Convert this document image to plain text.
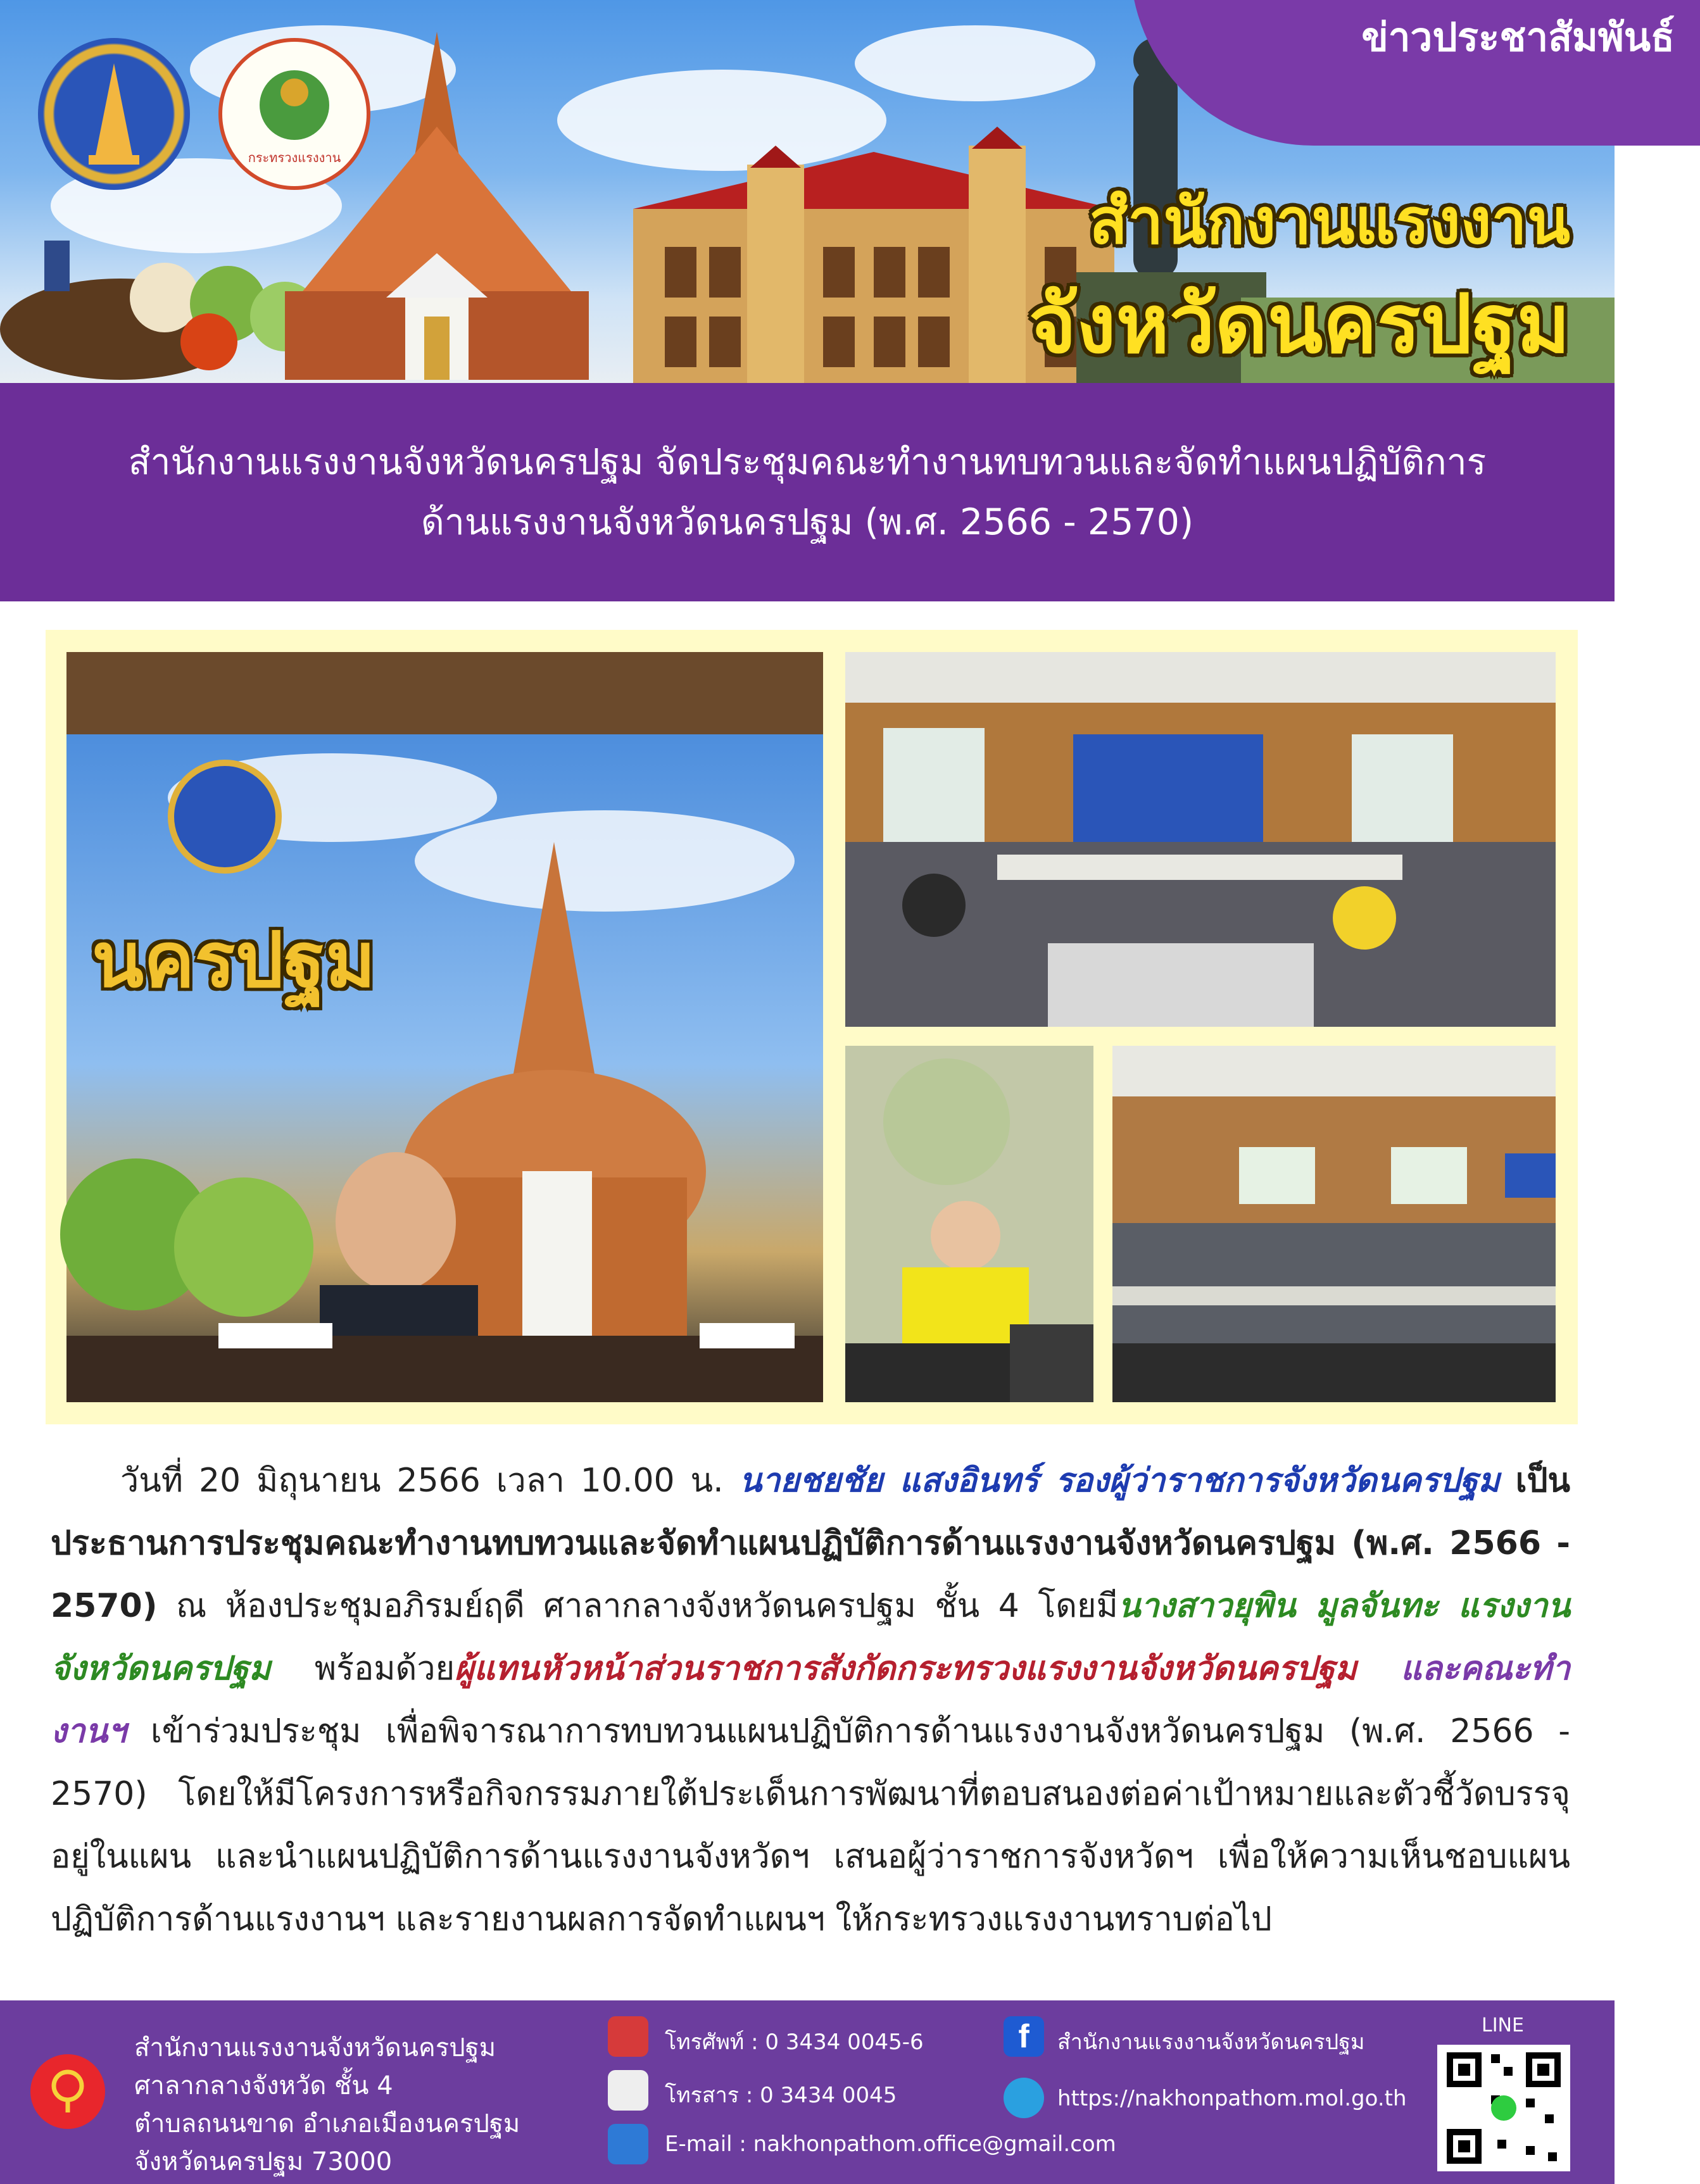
กระทรวงแรงงาน
ข่าวประชาสัมพันธ์
สำนักงานแรงงาน
จังหวัดนครปฐม
สำนักงานแรงงานจังหวัดนครปฐม จัดประชุมคณะทำงานทบทวนและจัดทำแผนปฏิบัติการ
ด้านแรงงานจังหวัดนครปฐม (พ.ศ. 2566 - 2570)
นครปฐม
วันที่ 20 มิถุนายน 2566 เวลา 10.00 น. นายชยชัย แสงอินทร์ รองผู้ว่าราชการจังหวัดนครปฐม เป็นประธานการประชุมคณะทำงานทบทวนและจัดทำแผนปฏิบัติการด้านแรงงานจังหวัดนครปฐม (พ.ศ. 2566 - 2570) ณ ห้องประชุมอภิรมย์ฤดี ศาลากลางจังหวัดนครปฐม ชั้น 4 โดยมีนางสาวยุพิน มูลจันทะ แรงงานจังหวัดนครปฐม พร้อมด้วยผู้แทนหัวหน้าส่วนราชการสังกัดกระทรวงแรงงานจังหวัดนครปฐม และคณะทำงานฯ เข้าร่วมประชุม เพื่อพิจารณาการทบทวนแผนปฏิบัติการด้านแรงงานจังหวัดนครปฐม (พ.ศ. 2566 - 2570) โดยให้มีโครงการหรือกิจกรรมภายใต้ประเด็นการพัฒนาที่ตอบสนองต่อค่าเป้าหมายและตัวชี้วัดบรรจุอยู่ในแผน และนำแผนปฏิบัติการด้านแรงงานจังหวัดฯ เสนอผู้ว่าราชการจังหวัดฯ เพื่อให้ความเห็นชอบแผนปฏิบัติการด้านแรงงานฯ และรายงานผลการจัดทำแผนฯ ให้กระทรวงแรงงานทราบต่อไป
สำนักงานแรงงานจังหวัดนครปฐม
ศาลากลางจังหวัด ชั้น 4
ตำบลถนนขาด อำเภอเมืองนครปฐม
จังหวัดนครปฐม 73000
โทรศัพท์ : 0 3434 0045-6
โทรสาร : 0 3434 0045
E-mail : nakhonpathom.office@gmail.com
f	สำนักงานแรงงานจังหวัดนครปฐม
https://nakhonpathom.mol.go.th
LINE
